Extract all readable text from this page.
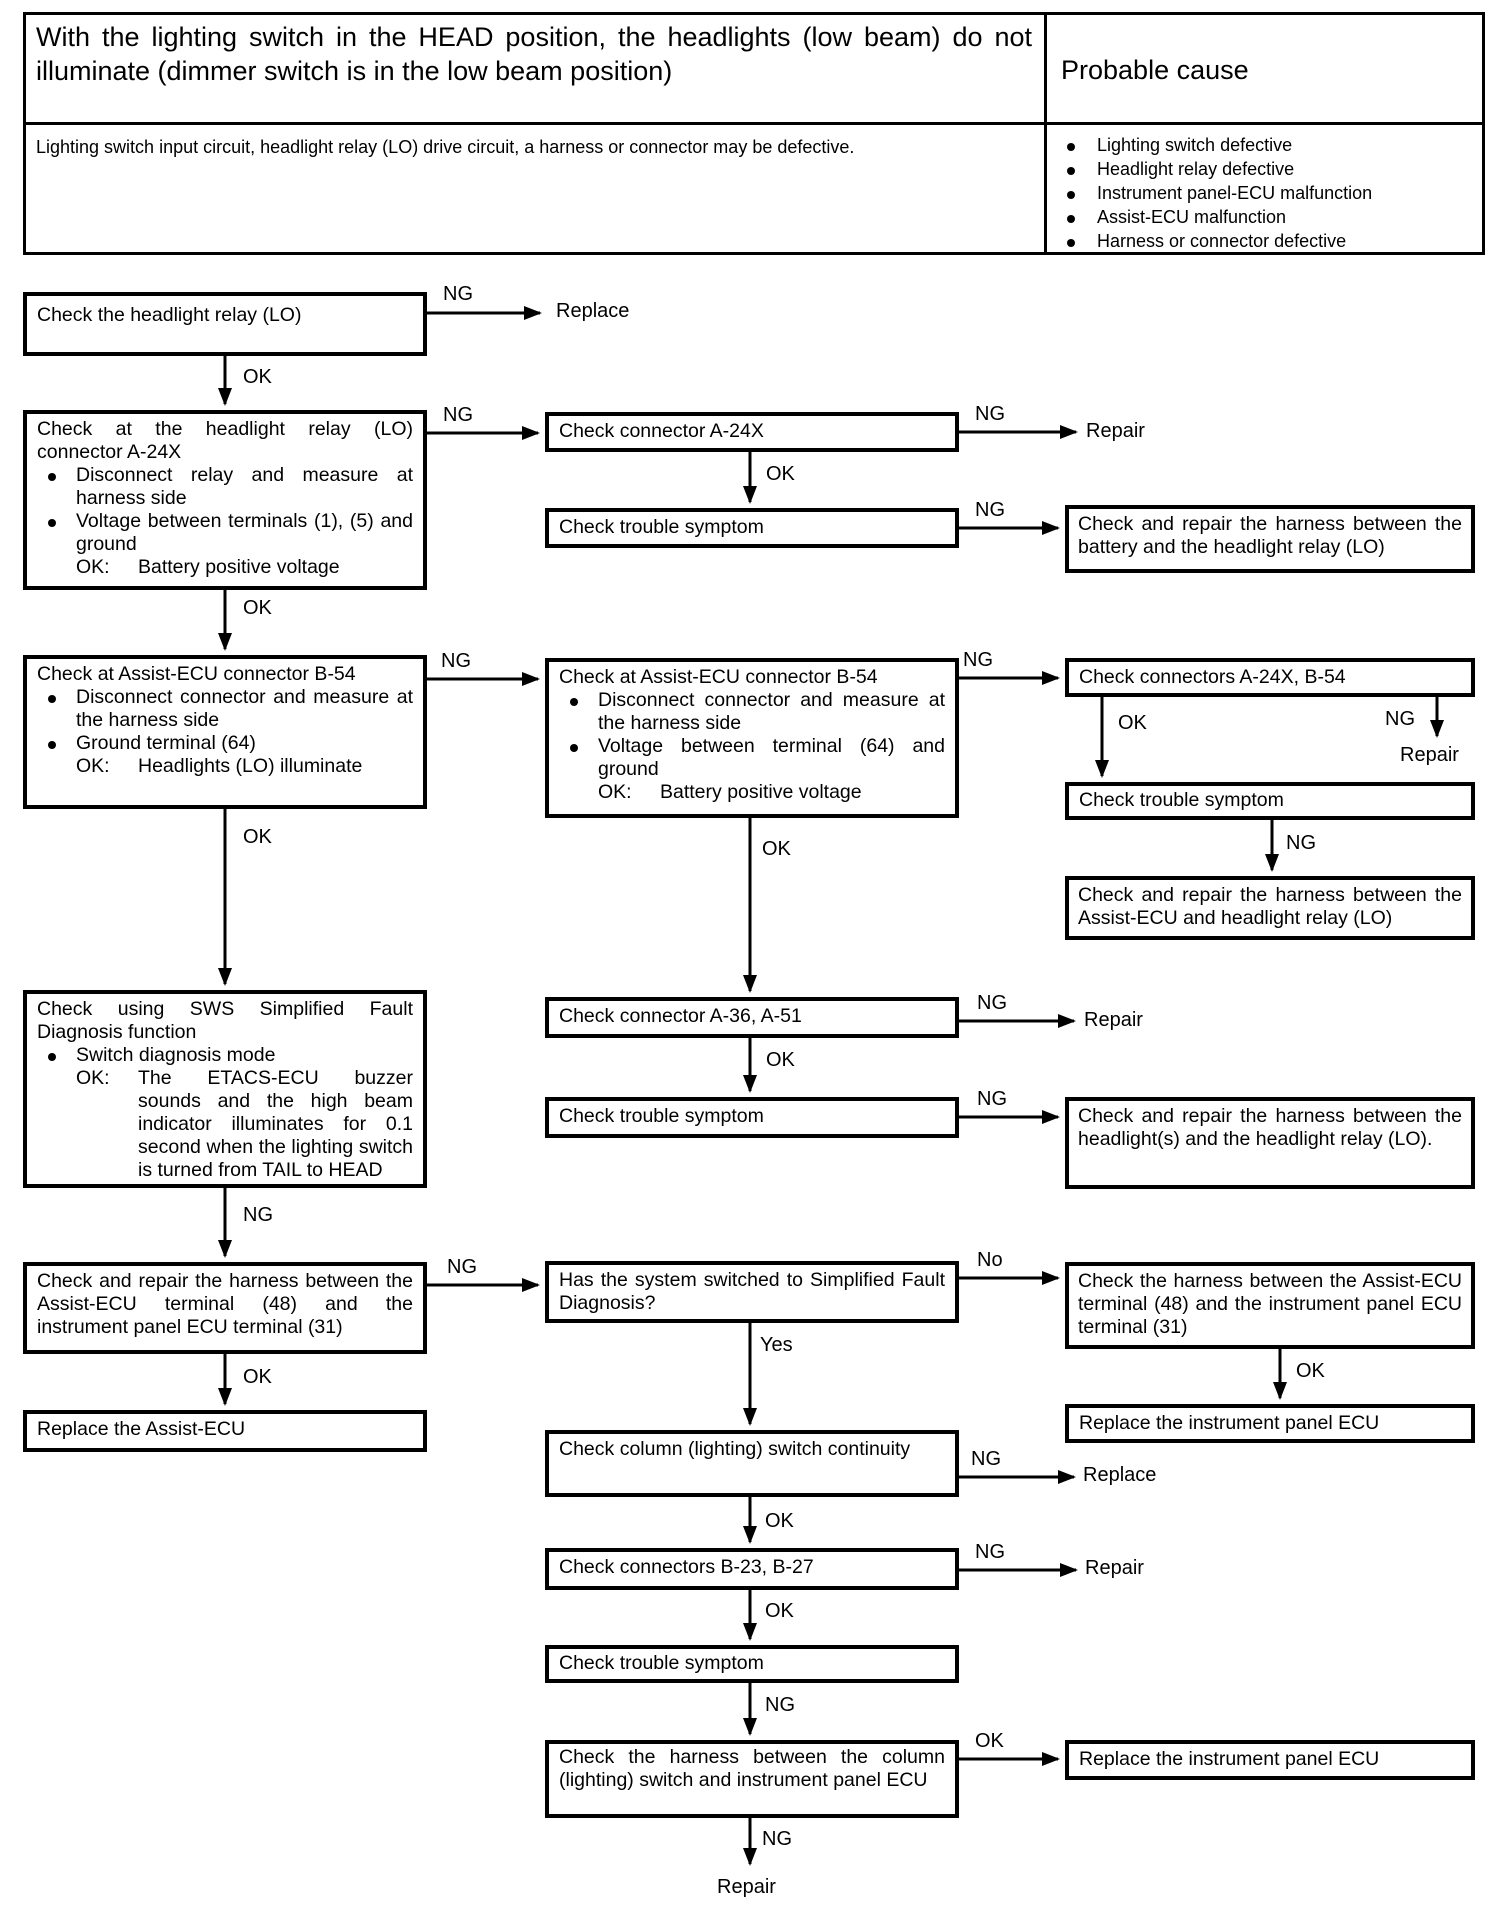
With the lighting switch in the HEAD position, the headlights (low beam) do not illuminate (dimmer switch is in the low beam position)	Probable cause
Lighting switch input circuit, headlight relay (LO) drive circuit, a harness or connector may be defective.	Lighting switch defective
Headlight relay defective
Instrument panel-ECU malfunction
Assist-ECU malfunction
Harness or connector defective
Check the headlight relay (LO)
Check at the headlight relay (LO) connector A-24X
Disconnect relay and measure at harness side
Voltage between terminals (1), (5) and ground
OK:	Battery positive voltage
Check at Assist-ECU connector B-54
Disconnect connector and measure at the harness side
Ground terminal (64)
OK:	Headlights (LO) illuminate
Check using SWS Simplified Fault Diagnosis function
Switch diagnosis mode
OK:	The ETACS-ECU buzzer sounds and the high beam indicator illuminates for 0.1 second when the lighting switch is turned from TAIL to HEAD
Check and repair the harness between the Assist-ECU terminal (48) and the instrument panel ECU terminal (31)
Replace the Assist-ECU
Check connector A-24X
Check trouble symptom
Check at Assist-ECU connector B-54
Disconnect connector and measure at the harness side
Voltage between terminal (64) and ground
OK:	Battery positive voltage
Check connector A-36, A-51
Check trouble symptom
Has the system switched to Simplified Fault Diagnosis?
Check column (lighting) switch continuity
Check connectors B-23, B-27
Check trouble symptom
Check the harness between the column (lighting) switch and instrument panel ECU
Check and repair the harness between the battery and the headlight relay (LO)
Check connectors A-24X, B-54
Check trouble symptom
Check and repair the harness between the Assist-ECU and headlight relay (LO)
Check and repair the harness between the headlight(s) and the headlight relay (LO).
Check the harness between the Assist-ECU terminal (48) and the instrument panel ECU terminal (31)
Replace the instrument panel ECU
Replace the instrument panel ECU
NG
OK
NG	NG
OK
NG
OK
NG	NG
OK	NG
OK	NG
OK
NG
OK
NG
NG
NG	No
Yes
OK
OK
NG
OK
NG
OK
NG
OK
NG
Replace
Repair
Repair
Repair
Replace
Repair
Repair
